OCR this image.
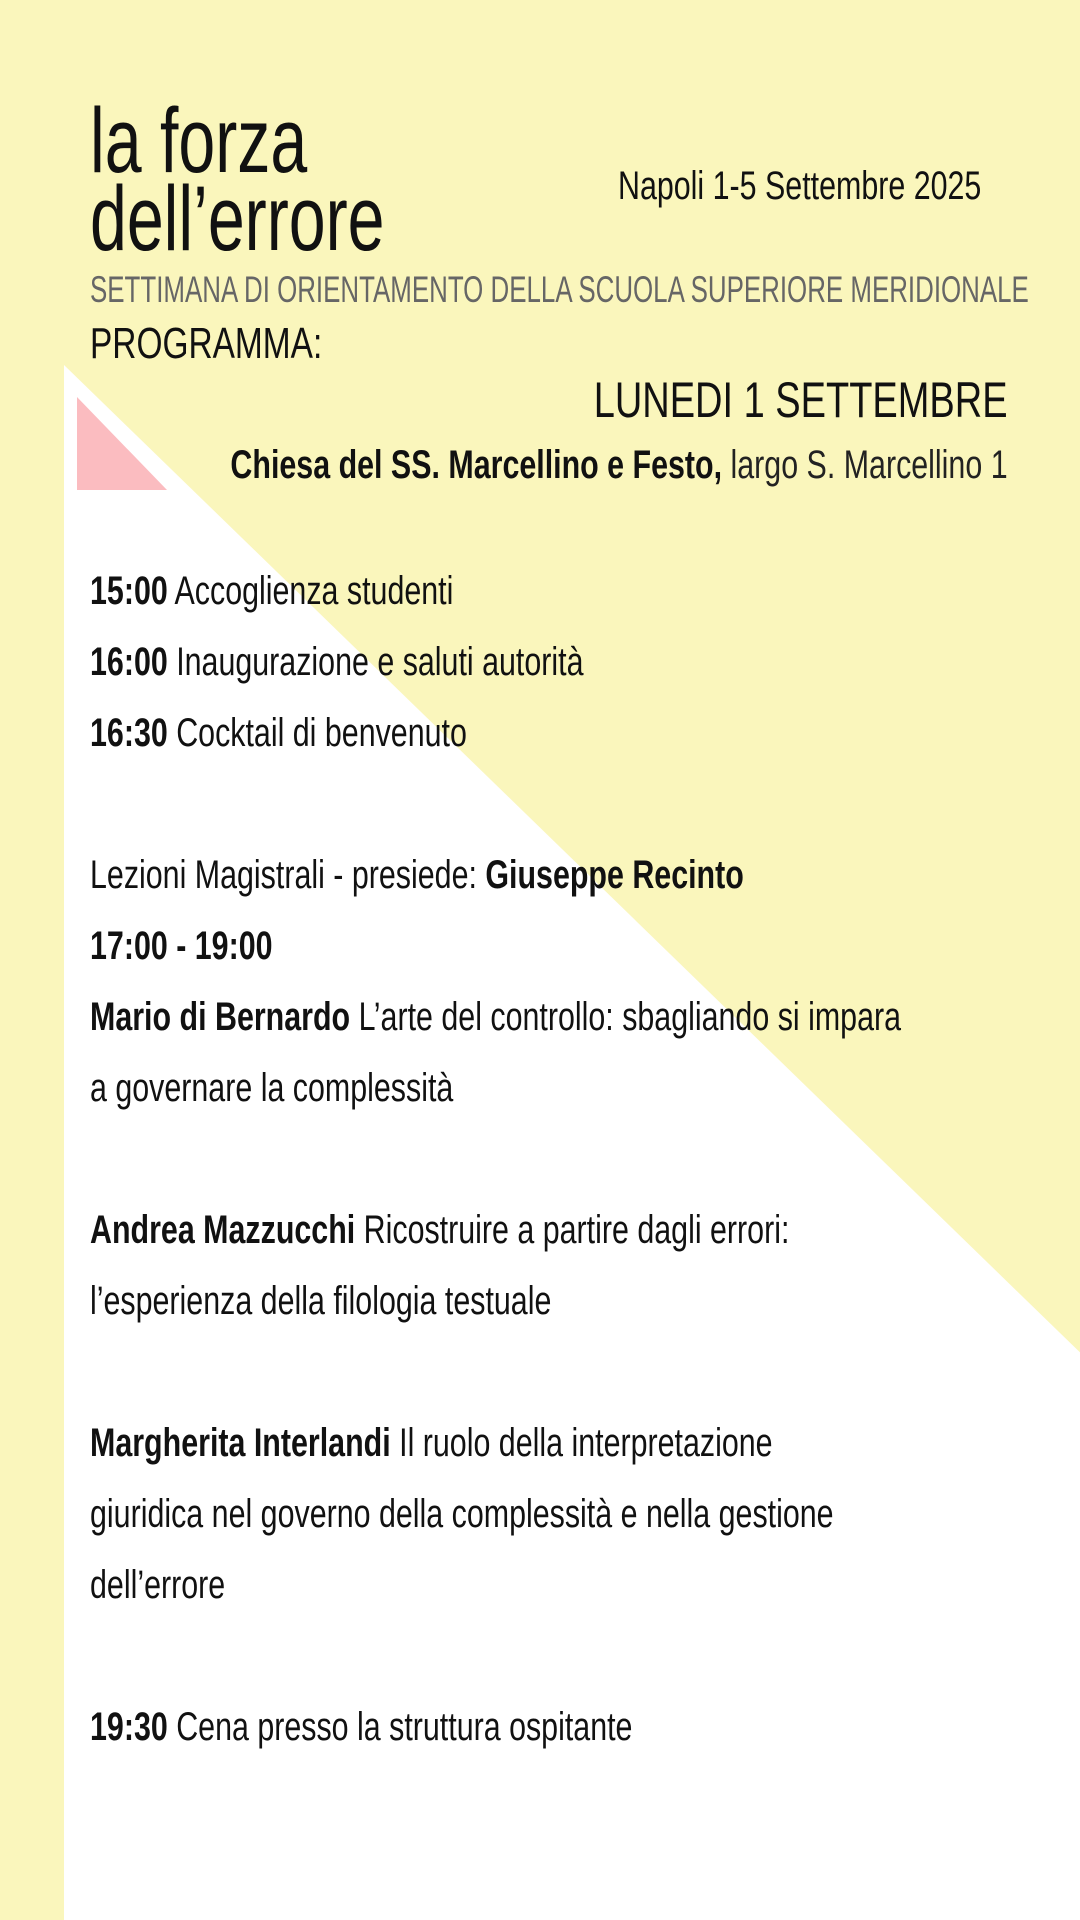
la forza
dell’errore	Napoli 1-5 Settembre 2025
SETTIMANA DI ORIENTAMENTO DELLA SCUOLA SUPERIORE MERIDIONALE
PROGRAMMA:
LUNEDI 1 SETTEMBRE
Chiesa del SS. Marcellino e Festo, largo S. Marcellino 1
15:00 Accoglienza studenti
16:00 Inaugurazione e saluti autorità
16:30 Cocktail di benvenuto
Lezioni Magistrali - presiede: Giuseppe Recinto
17:00 - 19:00
Mario di Bernardo L’arte del controllo: sbagliando si impara
a governare la complessità
Andrea Mazzucchi Ricostruire a partire dagli errori:
l’esperienza della filologia testuale
Margherita Interlandi Il ruolo della interpretazione
giuridica nel governo della complessità e nella gestione
dell’errore
19:30 Cena presso la struttura ospitante
